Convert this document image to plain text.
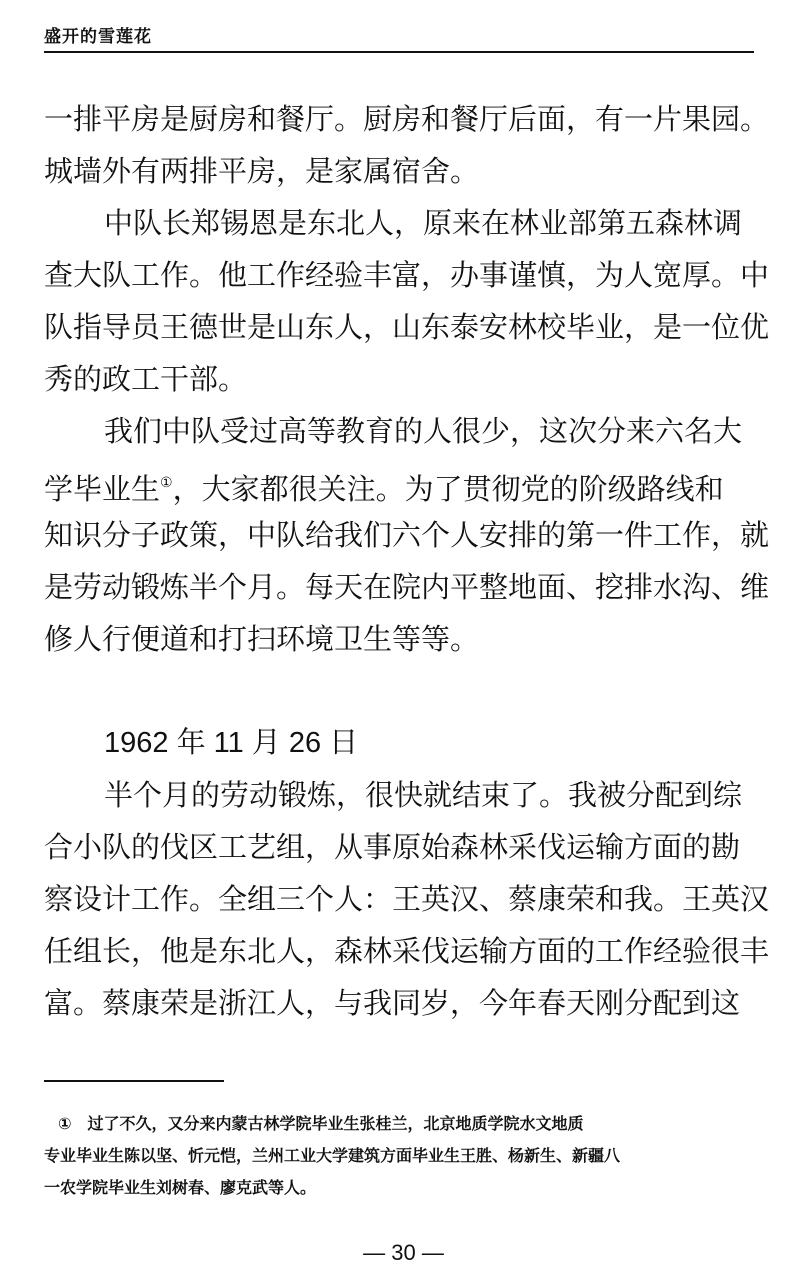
盛开的雪莲花
一排平房是厨房和餐厅。厨房和餐厅后面，有一片果园。
城墙外有两排平房，是家属宿舍。
中队长郑锡恩是东北人，原来在林业部第五森林调
查大队工作。他工作经验丰富，办事谨慎，为人宽厚。中
队指导员王德世是山东人，山东泰安林校毕业，是一位优
秀的政工干部。
我们中队受过高等教育的人很少，这次分来六名大
学毕业生①，大家都很关注。为了贯彻党的阶级路线和
知识分子政策，中队给我们六个人安排的第一件工作，就
是劳动锻炼半个月。每天在院内平整地面、挖排水沟、维
修人行便道和打扫环境卫生等等。
1962 年 11 月 26 日
半个月的劳动锻炼，很快就结束了。我被分配到综
合小队的伐区工艺组，从事原始森林采伐运输方面的勘
察设计工作。全组三个人：王英汉、蔡康荣和我。王英汉
任组长，他是东北人，森林采伐运输方面的工作经验很丰
富。蔡康荣是浙江人，与我同岁，今年春天刚分配到这
① 过了不久，又分来内蒙古林学院毕业生张桂兰，北京地质学院水文地质
专业毕业生陈以坚、忻元恺，兰州工业大学建筑方面毕业生王胜、杨新生、新疆八
一农学院毕业生刘树春、廖克武等人。
— 30 —
